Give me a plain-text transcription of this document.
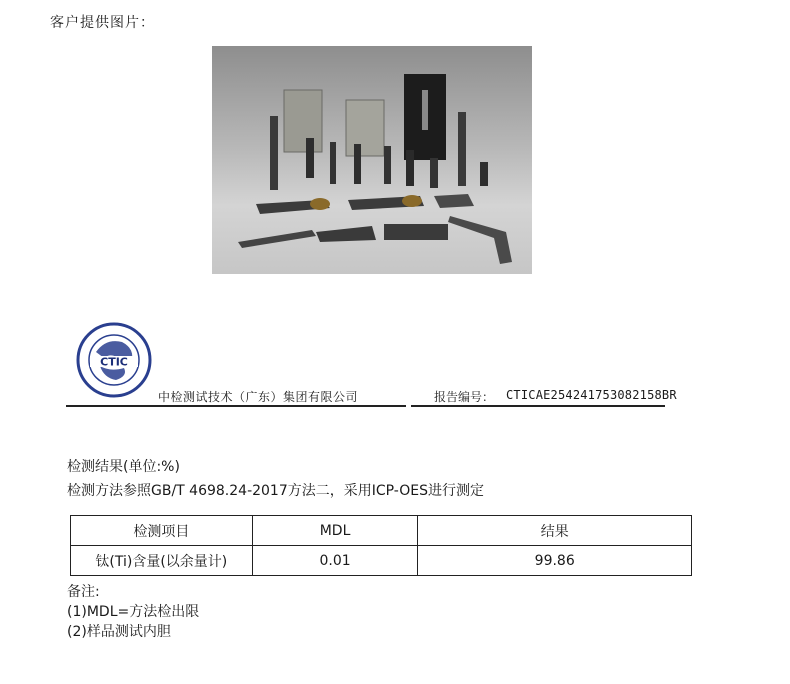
客户提供图片：
CTIC
中检测试技术（广东）集团有限公司	报告编号： CTICAE254241753082158BR
检测结果(单位:%)
检测方法参照GB/T 4698.24-2017方法二，采用ICP-OES进行测定
检测项目	MDL	结果
钛(Ti)含量(以余量计)	0.01	99.86
备注:
(1)MDL=方法检出限
(2)样品测试内胆
